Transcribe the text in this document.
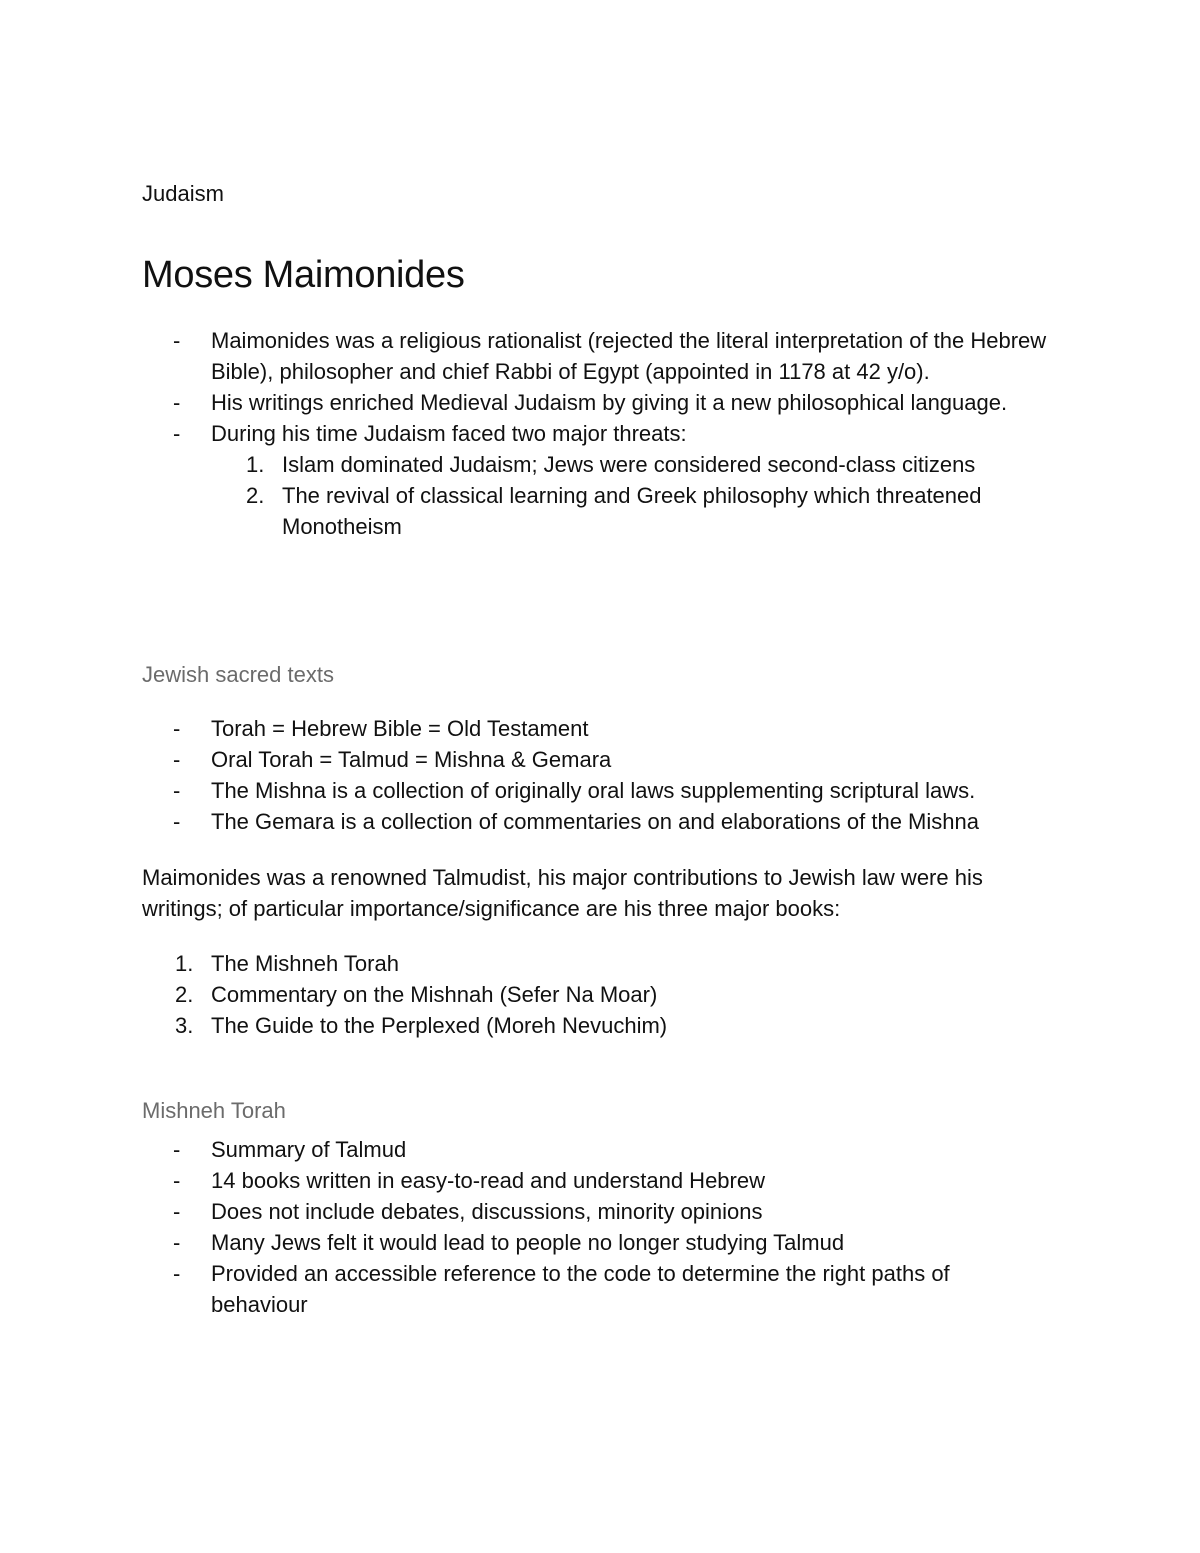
Judaism
Moses Maimonides
- Maimonides was a religious rationalist (rejected the literal interpretation of the Hebrew Bible), philosopher and chief Rabbi of Egypt (appointed in 1178 at 42 y/o).
- His writings enriched Medieval Judaism by giving it a new philosophical language.
- During his time Judaism faced two major threats:
1. Islam dominated Judaism; Jews were considered second-class citizens
2. The revival of classical learning and Greek philosophy which threatened Monotheism
Jewish sacred texts
- Torah = Hebrew Bible = Old Testament
- Oral Torah = Talmud = Mishna & Gemara
- The Mishna is a collection of originally oral laws supplementing scriptural laws.
- The Gemara is a collection of commentaries on and elaborations of the Mishna
Maimonides was a renowned Talmudist, his major contributions to Jewish law were his writings; of particular importance/significance are his three major books:
1. The Mishneh Torah
2. Commentary on the Mishnah (Sefer Na Moar)
3. The Guide to the Perplexed (Moreh Nevuchim)
Mishneh Torah
- Summary of Talmud
- 14 books written in easy-to-read and understand Hebrew
- Does not include debates, discussions, minority opinions
- Many Jews felt it would lead to people no longer studying Talmud
- Provided an accessible reference to the code to determine the right paths of behaviour
